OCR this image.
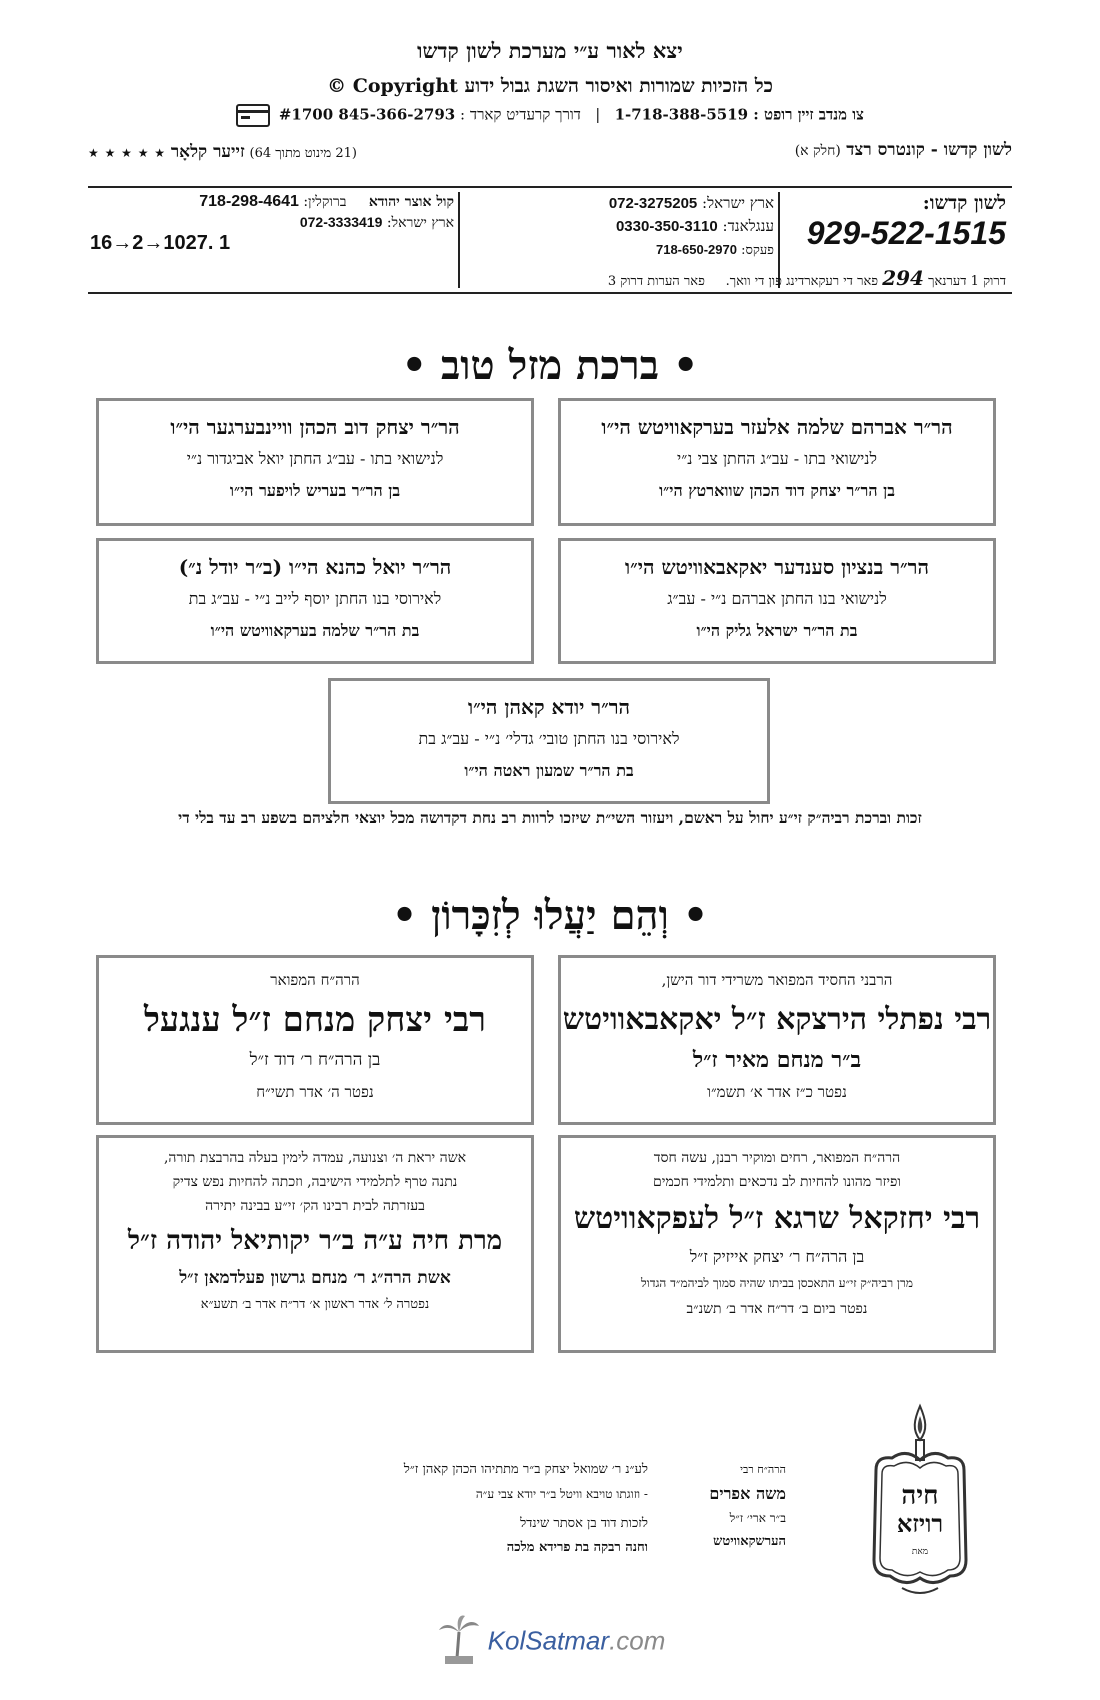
יצא לאור ע״י מערכת לשון קדשו
כל הזכיות שמורות ואיסור השגת גבול ידוע Copyright ©
צו מנדב זיין רופט : 1-718-388-5519   |   דורך קרעדיט קארד : 845-366-2793 #1700
לשון קדשו - קונטרס רצד (חלק א)
(21 מינוט מתוך 64) זייער קלאָר ★ ★ ★ ★ ★
לשון קדשו:
929-522-1515
דרוק 1 דערנאך 294 פאר די רעקארדינג פון די וואך.     פאר הערות דרוק 3
ארץ ישראל: 072-3275205
ענגלאנד: 0330-350-3110
פעקס: 718-650-2970
קול אוצר יהודא     ברוקלין: 718-298-4641
ארץ ישראל: 072-3333419
16→2→1027. 1
• ברכת מזל טוב •
הר״ר אברהם שלמה אלעזר בערקאוויטש הי״ו
לנישואי בתו - עב״ג החתן צבי נ״י
בן הר״ר יצחק דוד הכהן שווארטץ הי״ו
הר״ר יצחק דוב הכהן וויינבערגער הי״ו
לנישואי בתו - עב״ג החתן יואל אביגדור נ״י
בן הר״ר בעריש לויפער הי״ו
הר״ר בנציון סענדער יאקאבאוויטש הי״ו
לנישואי בנו החתן אברהם נ״י - עב״ג
בת הר״ר ישראל גליק הי״ו
הר״ר יואל כהנא הי״ו (ב״ר יודל נ״)
לאירוסי בנו החתן יוסף לייב נ״י - עב״ג בת
בת הר״ר שלמה בערקאוויטש הי״ו
הר״ר יודא קאהן הי״ו
לאירוסי בנו החתן טובי׳ גדלי׳ נ״י - עב״ג בת
בת הר״ר שמעון ראטה הי״ו
זכות וברכת רביה״ק זי״ע יחול על ראשם, ויעזור השי״ת שיזכו לרוות רב נחת דקדושה מכל יוצאי חלציהם בשפע רב עד בלי די
• וְהֵם יַעֲלוּ לְזִכָּרוֹן •
הרבני החסיד המפואר משרידי דור הישן,
רבי נפתלי הירצקא ז״ל יאקאבאוויטש
ב״ר מנחם מאיר ז״ל
נפטר כ״ז אדר א׳ תשמ״ו
הרה״ח המפואר
רבי יצחק מנחם ז״ל ענגעל
בן הרה״ח ר׳ דוד ז״ל
נפטר ה׳ אדר תשי״ח
הרה״ח המפואר, רחים ומוקיר רבנן, עשה חסד
ופיזר מהונו להחיות לב נדכאים ותלמידי חכמים
רבי יחזקאל שרגא ז״ל לעפקאוויטש
בן הרה״ח ר׳ יצחק אייזיק ז״ל
מרן רביה״ק זי״ע התאכסן בביתו שהיה סמוך לביהמ״ד הגדול
נפטר ביום ב׳ דר״ח אדר ב׳ תשנ״ב
אשה יראת ה׳ וצנועה, עמדה לימין בעלה בהרבצת תורה,
נתנה טרף לתלמידי הישיבה, וזכתה להחיות נפש צדיק
בעזרתה לבית רבינו הק׳ זי״ע בבינה יתירה
מרת חיה ע״ה ב״ר יקותיאל יהודה ז״ל
אשת הרה״ג ר׳ מנחם גרשון פעלדמאן ז״ל
נפטרה ל׳ אדר ראשון א׳ דר״ח אדר ב׳ תשע״א
חיה
רויזא
מאת
הרה״ח רבי
משה אפרים
ב״ר ארי׳ ז״ל
הערשקאוויטש
לע״נ ר׳ שמואל יצחק ב״ר מתתיהו הכהן קאהן ז״ל
- וזוגתו טויבא וויטל ב״ר יודא צבי ע״ה
לזכות דוד בן אסתר שינדל
וחנה רבקה בת פרידא מלכה
KolSatmar.com
